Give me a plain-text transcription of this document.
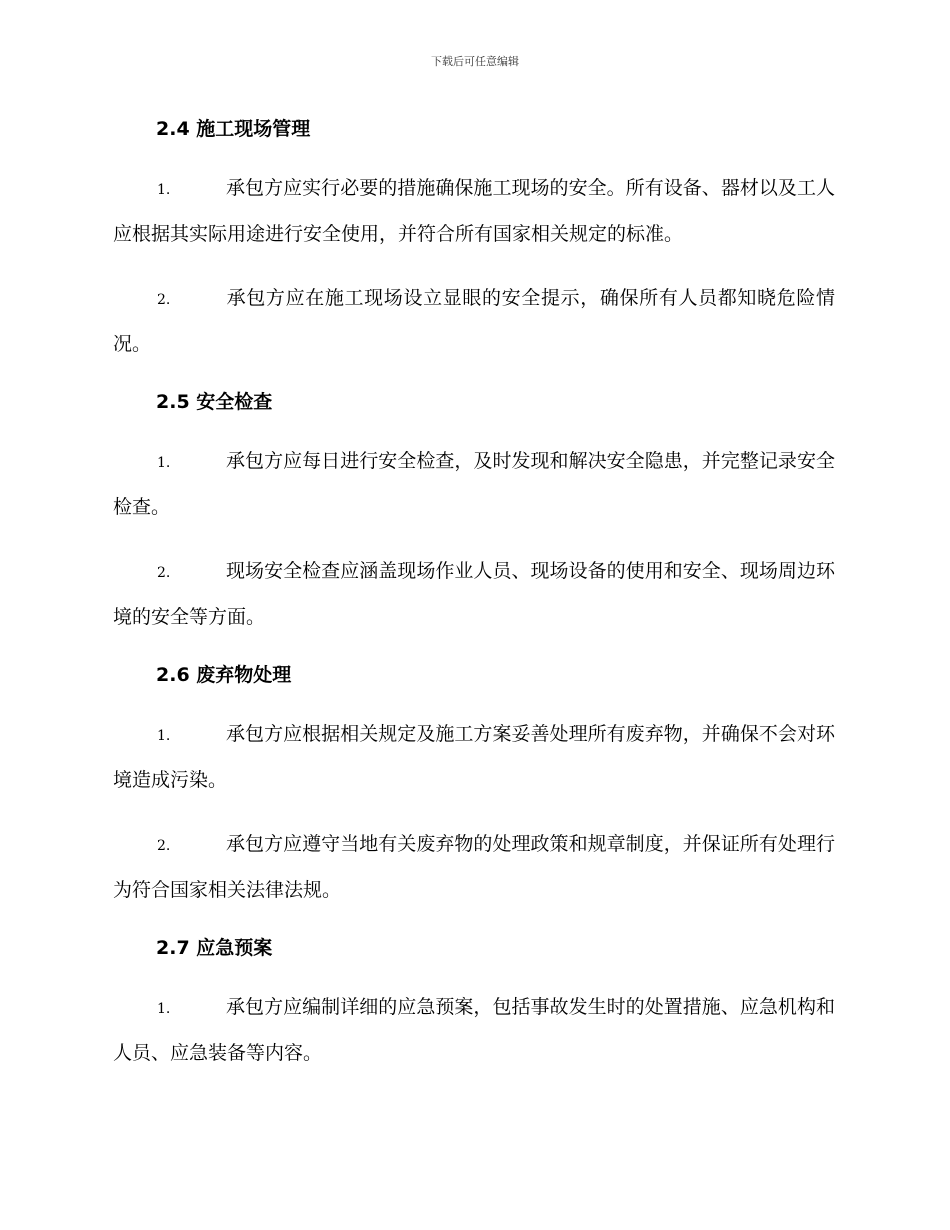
下载后可任意编辑
2.4 施工现场管理

1.	承包方应实行必要的措施确保施工现场的安全。所有设备、器材以及工人应根据其实际用途进行安全使用，并符合所有国家相关规定的标准。

2.	承包方应在施工现场设立显眼的安全提示，确保所有人员都知晓危险情况。

2.5 安全检查

1.	承包方应每日进行安全检查，及时发现和解决安全隐患，并完整记录安全检查。

2.	现场安全检查应涵盖现场作业人员、现场设备的使用和安全、现场周边环境的安全等方面。

2.6 废弃物处理

1.	承包方应根据相关规定及施工方案妥善处理所有废弃物，并确保不会对环境造成污染。

2.	承包方应遵守当地有关废弃物的处理政策和规章制度，并保证所有处理行为符合国家相关法律法规。

2.7 应急预案

1.	承包方应编制详细的应急预案，包括事故发生时的处置措施、应急机构和人员、应急装备等内容。
